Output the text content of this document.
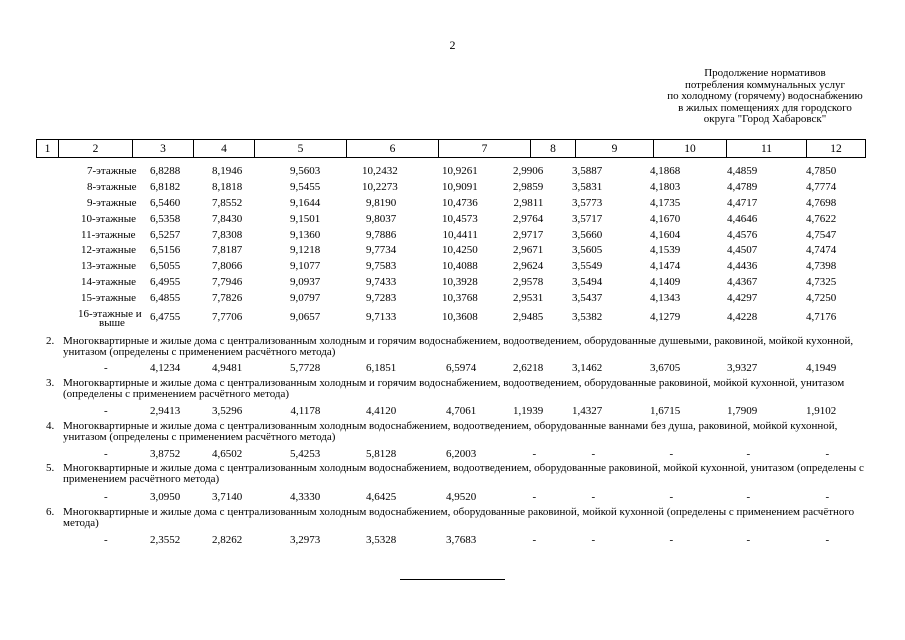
2
Продолжение нормативов
потребления коммунальных услуг
по холодному (горячему) водоснабжению
в жилых помещениях для городского
округа "Город Хабаровск"
1	2	3	4	5	6	7	8	9	10	11	12
7-этажные 6,8288	8,1946	9,5603	10,2432	10,9261	2,9906	3,5887	4,1868	4,4859	4,7850
8-этажные 6,8182	8,1818	9,5455	10,2273	10,9091	2,9859	3,5831	4,1803	4,4789	4,7774
9-этажные 6,5460	7,8552	9,1644	9,8190	10,4736	2,9811	3,5773	4,1735	4,4717	4,7698
10-этажные 6,5358	7,8430	9,1501	9,8037	10,4573	2,9764	3,5717	4,1670	4,4646	4,7622
11-этажные 6,5257	7,8308	9,1360	9,7886	10,4411	2,9717	3,5660	4,1604	4,4576	4,7547
12-этажные 6,5156	7,8187	9,1218	9,7734	10,4250	2,9671	3,5605	4,1539	4,4507	4,7474
13-этажные 6,5055	7,8066	9,1077	9,7583	10,4088	2,9624	3,5549	4,1474	4,4436	4,7398
14-этажные 6,4955	7,7946	9,0937	9,7433	10,3928	2,9578	3,5494	4,1409	4,4367	4,7325
15-этажные 6,4855	7,7826	9,0797	9,7283	10,3768	2,9531	3,5437	4,1343	4,4297	4,7250
16-этажные и
выше 6,4755	7,7706	9,0657	9,7133	10,3608	2,9485	3,5382	4,1279	4,4228	4,7176
2. Многоквартирные и жилые дома с централизованным холодным и горячим водоснабжением, водоотведением, оборудованные душевыми, раковиной, мойкой кухонной, унитазом (определены с применением расчётного метода)
-	4,1234	4,9481	5,7728	6,1851	6,5974	2,6218	3,1462	3,6705	3,9327	4,1949
3. Многоквартирные и жилые дома с централизованным холодным и горячим водоснабжением, водоотведением, оборудованные раковиной, мойкой кухонной, унитазом (определены с применением расчётного метода)
-	2,9413	3,5296	4,1178	4,4120	4,7061	1,1939	1,4327	1,6715	1,7909	1,9102
4. Многоквартирные и жилые дома с централизованным холодным водоснабжением, водоотведением, оборудованные ваннами без душа, раковиной, мойкой кухонной, унитазом (определены с применением расчётного метода)
-	3,8752	4,6502	5,4253	5,8128	6,2003	-	-	-	-	-
5. Многоквартирные и жилые дома с централизованным холодным водоснабжением, водоотведением, оборудованные раковиной, мойкой кухонной, унитазом (определены с применением расчётного метода)
-	3,0950	3,7140	4,3330	4,6425	4,9520	-	-	-	-	-
6. Многоквартирные и жилые дома с централизованным холодным водоснабжением, оборудованные раковиной, мойкой кухонной (определены с применением расчётного метода)
-	2,3552	2,8262	3,2973	3,5328	3,7683	-	-	-	-	-
